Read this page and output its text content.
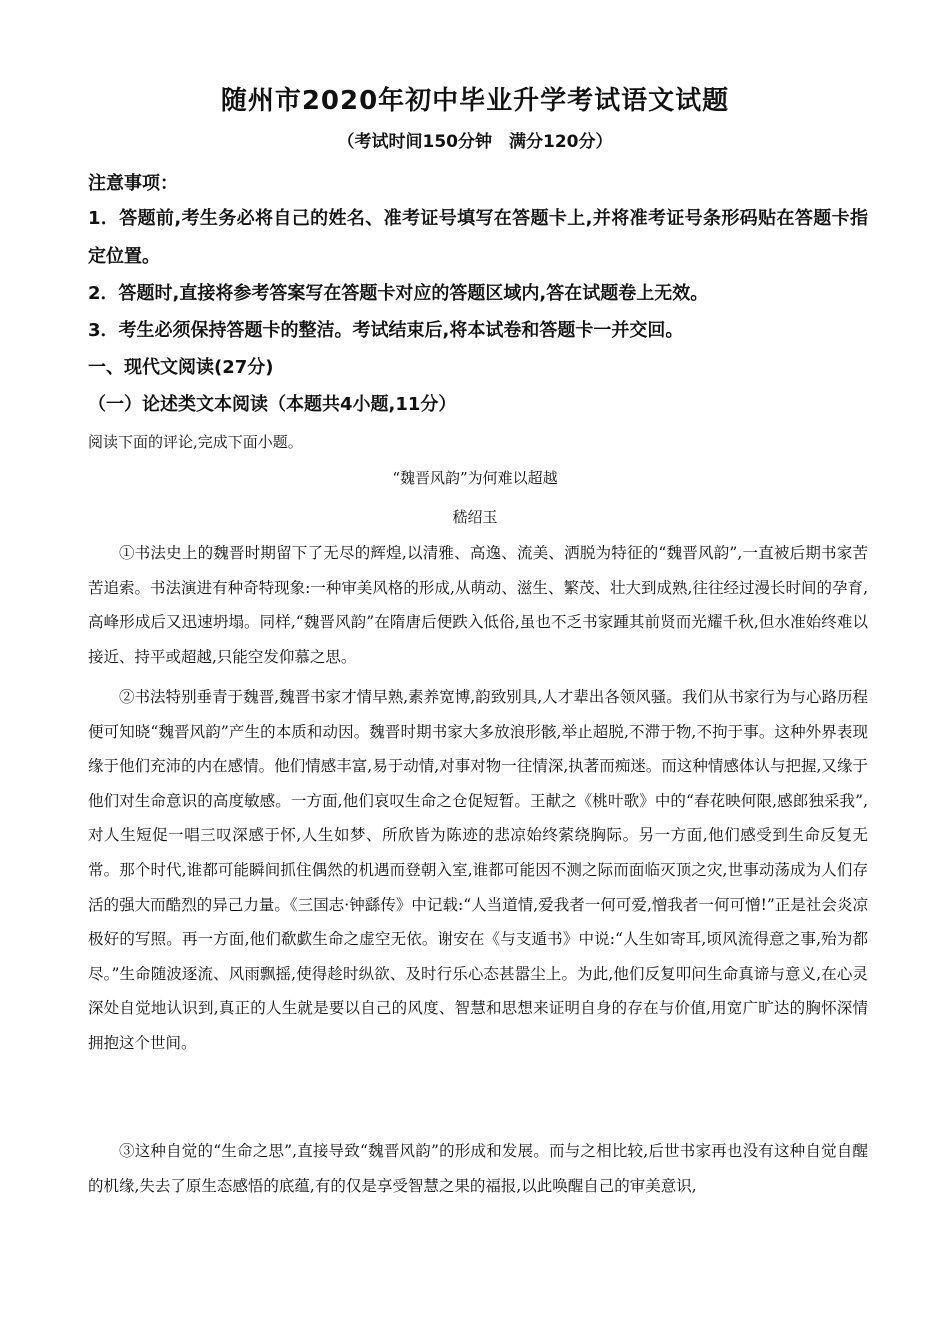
随州市2020年初中毕业升学考试语文试题
（考试时间150分钟　满分120分）

注意事项：

1．答题前,考生务必将自己的姓名、准考证号填写在答题卡上,并将准考证号条形码贴在答题卡指定位置。

2．答题时,直接将参考答案写在答题卡对应的答题区域内,答在试题卷上无效。

3．考生必须保持答题卡的整洁。考试结束后,将本试卷和答题卡一并交回。

一、现代文阅读(27分)

（一）论述类文本阅读（本题共4小题,11分）

阅读下面的评论,完成下面小题。

“魏晋风韵”为何难以超越
嵇绍玉

①书法史上的魏晋时期留下了无尽的辉煌,以清雅、高逸、流美、洒脱为特征的“魏晋风韵”,一直被后期书家苦苦追索。书法演进有种奇特现象:一种审美风格的形成,从萌动、滋生、繁茂、壮大到成熟,往往经过漫长时间的孕育,高峰形成后又迅速坍塌。同样,“魏晋风韵”在隋唐后便跌入低俗,虽也不乏书家踵其前贤而光耀千秋,但水准始终难以接近、持平或超越,只能空发仰慕之思。

②书法特别垂青于魏晋,魏晋书家才情早熟,素养宽博,韵致别具,人才辈出各领风骚。我们从书家行为与心路历程便可知晓“魏晋风韵”产生的本质和动因。魏晋时期书家大多放浪形骸,举止超脱,不滞于物,不拘于事。这种外界表现缘于他们充沛的内在感情。他们情感丰富,易于动情,对事对物一往情深,执著而痴迷。而这种情感体认与把握,又缘于他们对生命意识的高度敏感。一方面,他们哀叹生命之仓促短暂。王献之《桃叶歌》中的“春花映何限,感郎独采我”,对人生短促一唱三叹深感于怀,人生如梦、所欣皆为陈迹的悲凉始终萦绕胸际。另一方面,他们感受到生命反复无常。那个时代,谁都可能瞬间抓住偶然的机遇而登朝入室,谁都可能因不测之际而面临灭顶之灾,世事动荡成为人们存活的强大而酷烈的异己力量。《三国志·钟繇传》中记载:“人当道情,爱我者一何可爱,憎我者一何可憎!”正是社会炎凉极好的写照。再一方面,他们欷歔生命之虚空无依。谢安在《与支遁书》中说:“人生如寄耳,顷风流得意之事,殆为都尽。”生命随波逐流、风雨飘摇,使得趁时纵欲、及时行乐心态甚嚣尘上。为此,他们反复叩问生命真谛与意义,在心灵深处自觉地认识到,真正的人生就是要以自己的风度、智慧和思想来证明自身的存在与价值,用宽广旷达的胸怀深情拥抱这个世间。

③这种自觉的“生命之思”,直接导致“魏晋风韵”的形成和发展。而与之相比较,后世书家再也没有这种自觉自醒的机缘,失去了原生态感悟的底蕴,有的仅是享受智慧之果的福报,以此唤醒自己的审美意识,
